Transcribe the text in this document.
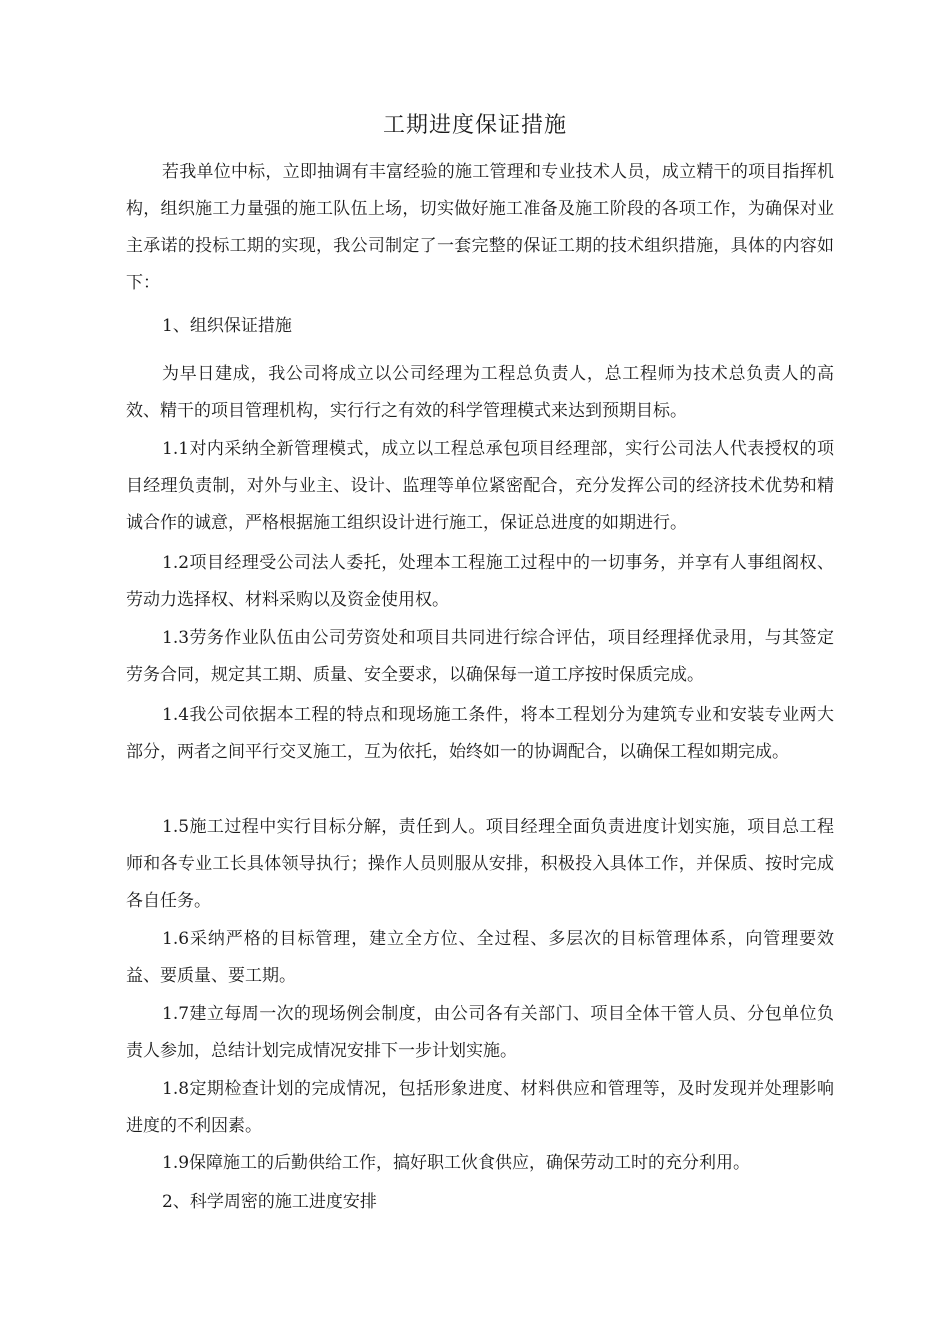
工期进度保证措施
若我单位中标，立即抽调有丰富经验的施工管理和专业技术人员，成立精干的项目指挥机构，组织施工力量强的施工队伍上场，切实做好施工准备及施工阶段的各项工作，为确保对业主承诺的投标工期的实现，我公司制定了一套完整的保证工期的技术组织措施，具体的内容如下：
1、组织保证措施
为早日建成，我公司将成立以公司经理为工程总负责人，总工程师为技术总负责人的高效、精干的项目管理机构，实行行之有效的科学管理模式来达到预期目标。
1.1对内采纳全新管理模式，成立以工程总承包项目经理部，实行公司法人代表授权的项目经理负责制，对外与业主、设计、监理等单位紧密配合，充分发挥公司的经济技术优势和精诚合作的诚意，严格根据施工组织设计进行施工，保证总进度的如期进行。
1.2项目经理受公司法人委托，处理本工程施工过程中的一切事务，并享有人事组阁权、劳动力选择权、材料采购以及资金使用权。
1.3劳务作业队伍由公司劳资处和项目共同进行综合评估，项目经理择优录用，与其签定劳务合同，规定其工期、质量、安全要求，以确保每一道工序按时保质完成。
1.4我公司依据本工程的特点和现场施工条件，将本工程划分为建筑专业和安装专业两大部分，两者之间平行交叉施工，互为依托，始终如一的协调配合，以确保工程如期完成。
1.5施工过程中实行目标分解，责任到人。项目经理全面负责进度计划实施，项目总工程师和各专业工长具体领导执行；操作人员则服从安排，积极投入具体工作，并保质、按时完成各自任务。
1.6采纳严格的目标管理，建立全方位、全过程、多层次的目标管理体系，向管理要效益、要质量、要工期。
1.7建立每周一次的现场例会制度，由公司各有关部门、项目全体干管人员、分包单位负责人参加，总结计划完成情况安排下一步计划实施。
1.8定期检查计划的完成情况，包括形象进度、材料供应和管理等，及时发现并处理影响进度的不利因素。
1.9保障施工的后勤供给工作，搞好职工伙食供应，确保劳动工时的充分利用。
2、科学周密的施工进度安排
